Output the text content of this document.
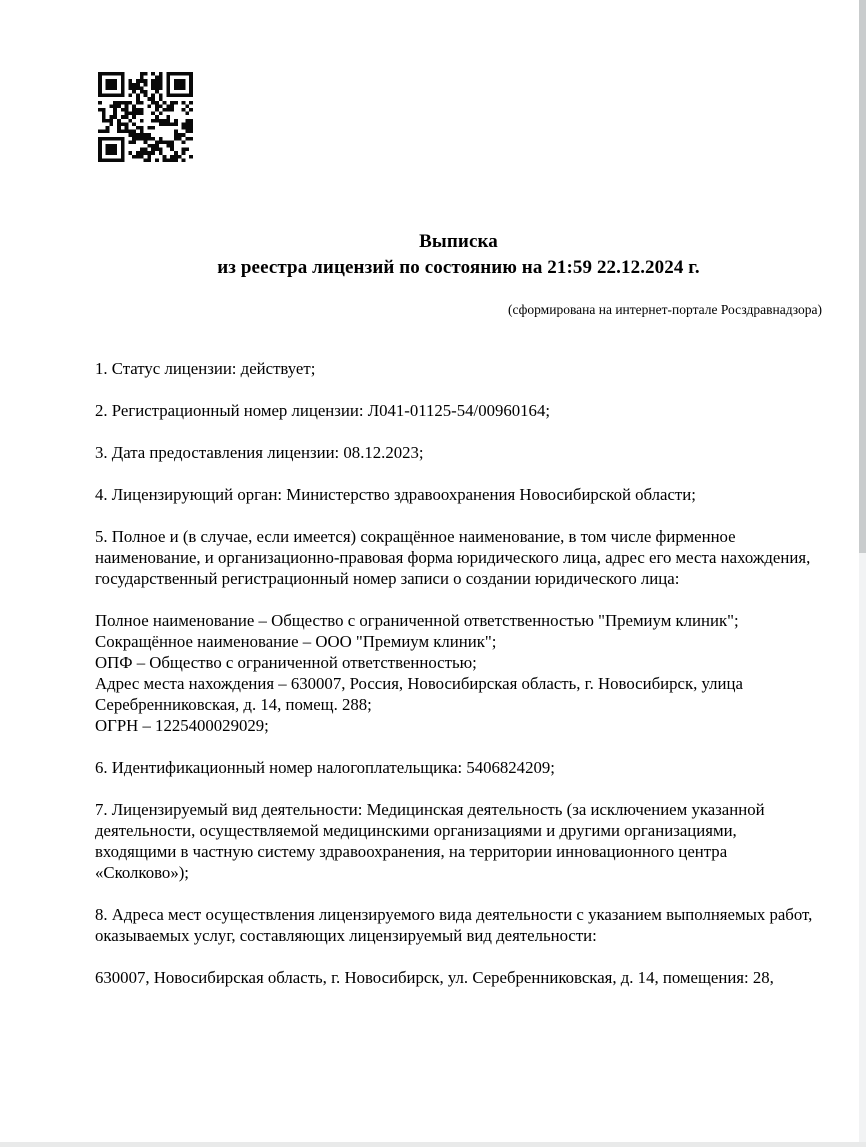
Выписка
из реестра лицензий по состоянию на 21:59 22.12.2024 г.
(сформирована на интернет-портале Росздравнадзора)
1. Статус лицензии: действует;
2. Регистрационный номер лицензии: Л041-01125-54/00960164;
3. Дата предоставления лицензии: 08.12.2023;
4. Лицензирующий орган: Министерство здравоохранения Новосибирской области;
5. Полное и (в случае, если имеется) сокращённое наименование, в том числе фирменное наименование, и организационно-правовая форма юридического лица, адрес его места нахождения, государственный регистрационный номер записи о создании юридического лица:
Полное наименование – Общество с ограниченной ответственностью "Премиум клиник";
Сокращённое наименование – ООО "Премиум клиник";
ОПФ – Общество с ограниченной ответственностью;
Адрес места нахождения – 630007, Россия, Новосибирская область, г. Новосибирск, улица Серебренниковская, д. 14, помещ. 288;
ОГРН – 1225400029029;
6. Идентификационный номер налогоплательщика: 5406824209;
7. Лицензируемый вид деятельности: Медицинская деятельность (за исключением указанной деятельности, осуществляемой медицинскими организациями и другими организациями, входящими в частную систему здравоохранения, на территории инновационного центра «Сколково»);
8. Адреса мест осуществления лицензируемого вида деятельности с указанием выполняемых работ, оказываемых услуг, составляющих лицензируемый вид деятельности:
630007, Новосибирская область, г. Новосибирск, ул. Серебренниковская, д. 14, помещения: 28,
